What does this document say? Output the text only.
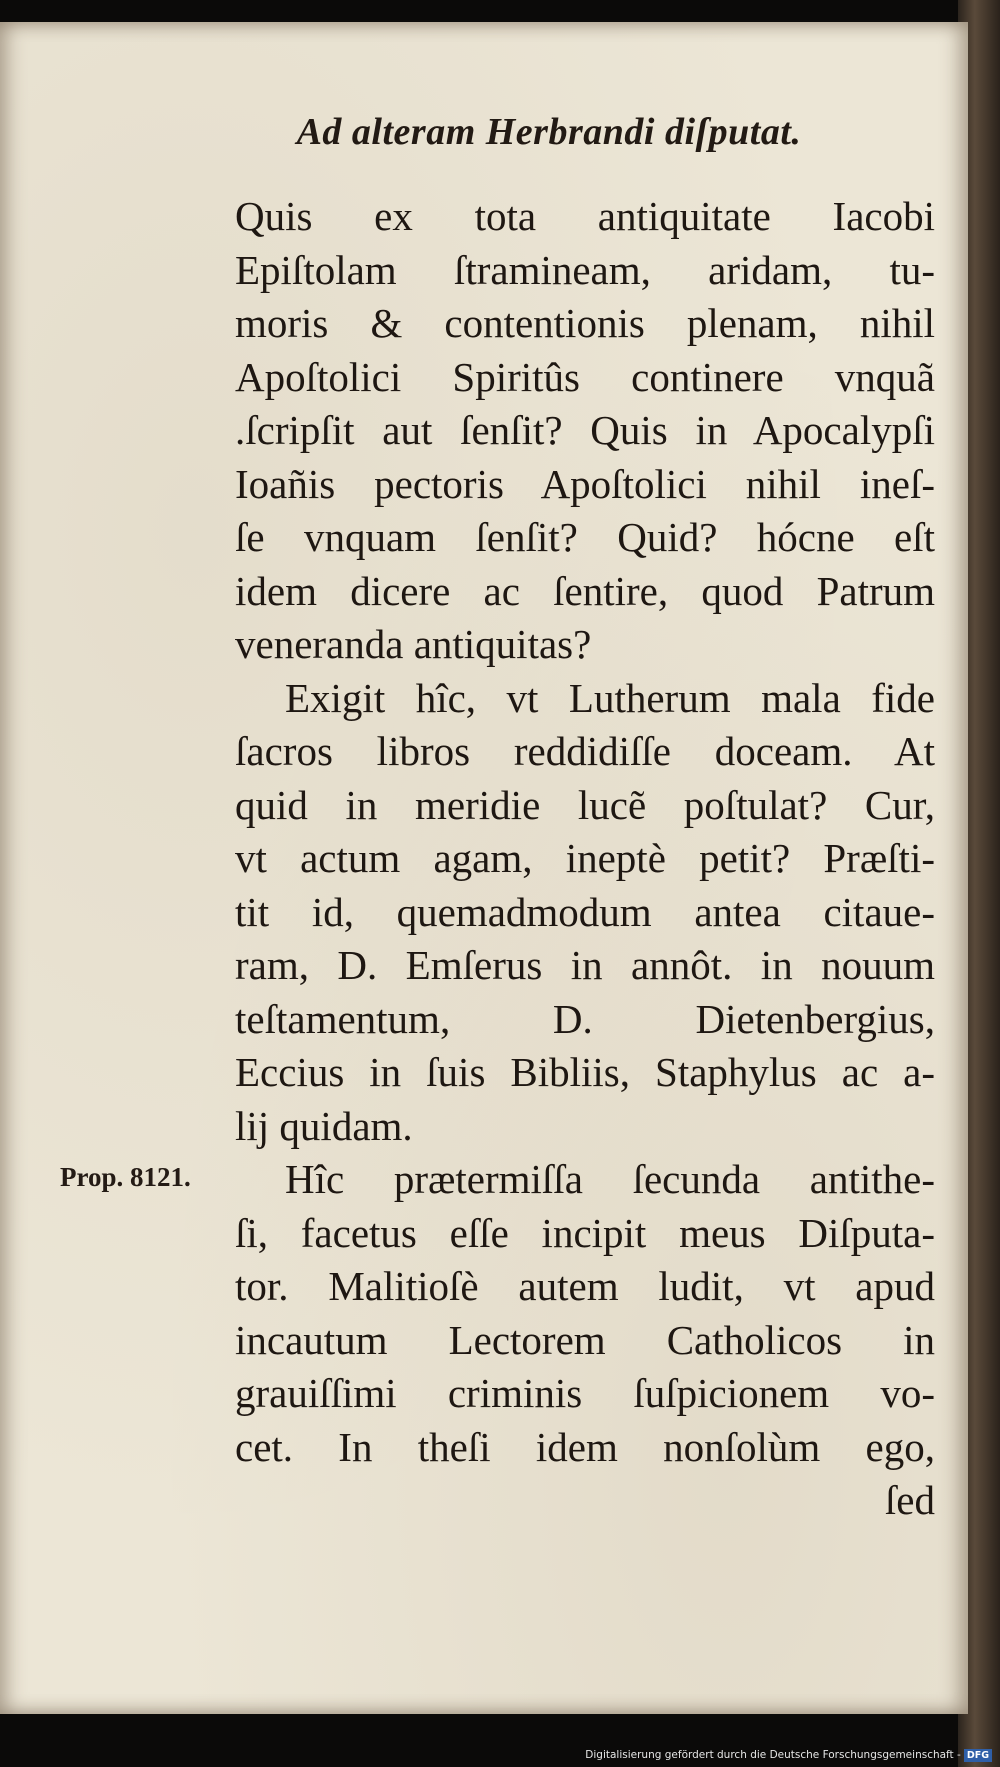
Ad alteram Herbrandi diſputat.
Quis ex tota antiquitate Iacobi
Epiſtolam ſtramineam, aridam, tu-
moris & contentionis plenam, nihil
Apoſtolici Spiritûs continere vnquã
.ſcripſit aut ſenſit? Quis in Apocalypſi
Ioañis pectoris Apoſtolici nihil ineſ-
ſe vnquam ſenſit? Quid? hócne eſt
idem dicere ac ſentire, quod Patrum
veneranda antiquitas?
Exigit hîc, vt Lutherum mala fide
ſacros libros reddidiſſe doceam. At
quid in meridie lucẽ poſtulat? Cur,
vt actum agam, ineptè petit? Præſti-
tit id, quemadmodum antea citaue-
ram, D. Emſerus in annôt. in nouum
teſtamentum, D. Dietenbergius,
Eccius in ſuis Bibliis, Staphylus ac a-
lij quidam.
Hîc prætermiſſa ſecunda antithe-
ſi, facetus eſſe incipit meus Diſputa-
tor. Malitioſè autem ludit, vt apud
incautum Lectorem Catholicos in
grauiſſimi criminis ſuſpicionem vo-
cet. In theſi idem nonſolùm ego,
ſed
Prop. 8121.
Digitalisierung gefördert durch die Deutsche Forschungsgemeinschaft - DFG
